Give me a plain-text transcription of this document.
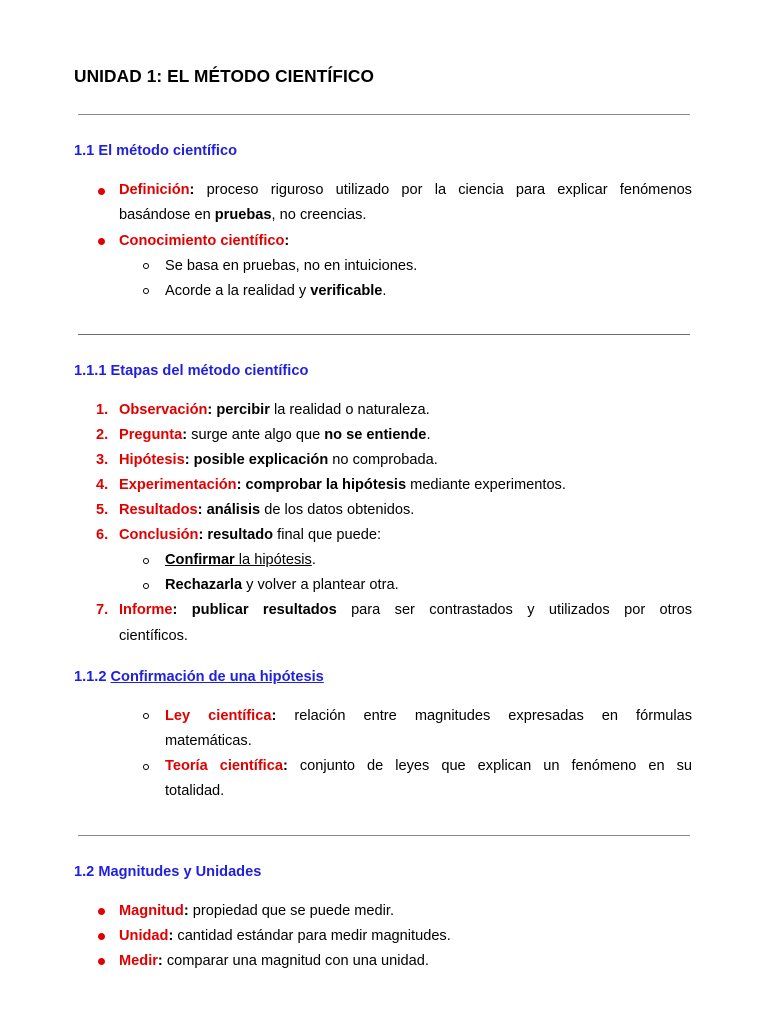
UNIDAD 1: EL MÉTODO CIENTÍFICO
1.1 El método científico
Definición: proceso riguroso utilizado por la ciencia para explicar fenómenos
basándose en pruebas, no creencias.
Conocimiento científico:
Se basa en pruebas, no en intuiciones.
Acorde a la realidad y verificable.
1.1.1 Etapas del método científico
1. Observación: percibir la realidad o naturaleza.
2. Pregunta: surge ante algo que no se entiende.
3. Hipótesis: posible explicación no comprobada.
4. Experimentación: comprobar la hipótesis mediante experimentos.
5. Resultados: análisis de los datos obtenidos.
6. Conclusión: resultado final que puede:
Confirmar la hipótesis.
Rechazarla y volver a plantear otra.
7. Informe: publicar resultados para ser contrastados y utilizados por otros
científicos.
1.1.2 Confirmación de una hipótesis
Ley científica: relación entre magnitudes expresadas en fórmulas
matemáticas.
Teoría científica: conjunto de leyes que explican un fenómeno en su
totalidad.
1.2 Magnitudes y Unidades
Magnitud: propiedad que se puede medir.
Unidad: cantidad estándar para medir magnitudes.
Medir: comparar una magnitud con una unidad.
